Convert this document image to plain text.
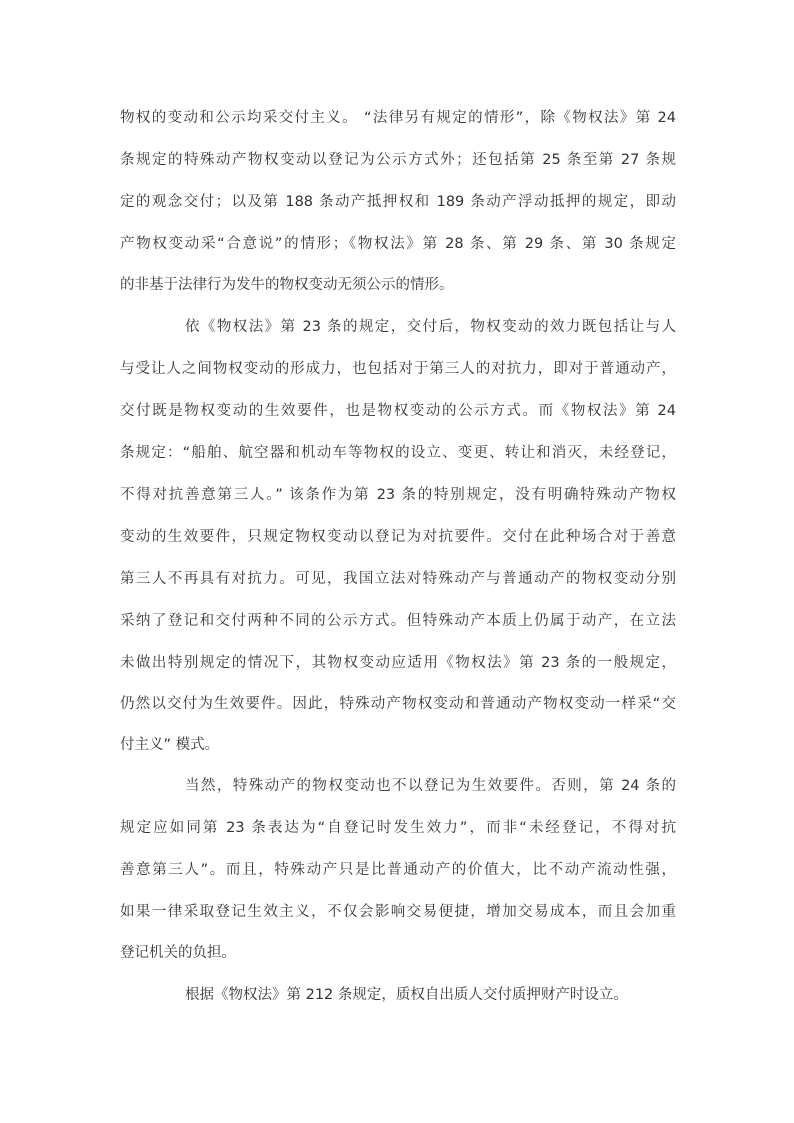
物权的变动和公示均采交付主义。 “法律另有规定的情形”，除《物权法》第 24
条规定的特殊动产物权变动以登记为公示方式外；还包括第 25 条至第 27 条规
定的观念交付；以及第 188 条动产抵押权和 189 条动产浮动抵押的规定，即动
产物权变动采“合意说”的情形；《物权法》第 28 条、第 29 条、第 30 条规定
的非基于法律行为发牛的物权变动无须公示的情形。
依《物权法》第 23 条的规定，交付后，物权变动的效力既包括让与人
与受让人之间物权变动的形成力，也包括对于第三人的对抗力，即对于普通动产，
交付既是物权变动的生效要件，也是物权变动的公示方式。而《物权法》第 24
条规定：“船舶、航空器和机动车等物权的设立、变更、转让和消灭，未经登记，
不得对抗善意第三人。” 该条作为第 23 条的特别规定，没有明确特殊动产物权
变动的生效要件，只规定物权变动以登记为对抗要件。交付在此种场合对于善意
第三人不再具有对抗力。可见，我国立法对特殊动产与普通动产的物权变动分别
采纳了登记和交付两种不同的公示方式。但特殊动产本质上仍属于动产，在立法
未做出特别规定的情况下，其物权变动应适用《物权法》第 23 条的一般规定，
仍然以交付为生效要件。因此，特殊动产物权变动和普通动产物权变动一样采“交
付主义” 模式。
当然，特殊动产的物权变动也不以登记为生效要件。否则，第 24 条的
规定应如同第 23 条表达为“自登记时发生效力”，而非“未经登记，不得对抗
善意第三人”。而且，特殊动产只是比普通动产的价值大，比不动产流动性强，
如果一律采取登记生效主义，不仅会影响交易便捷，增加交易成本，而且会加重
登记机关的负担。
根据《物权法》第 212 条规定，质权自出质人交付质押财产时设立。
